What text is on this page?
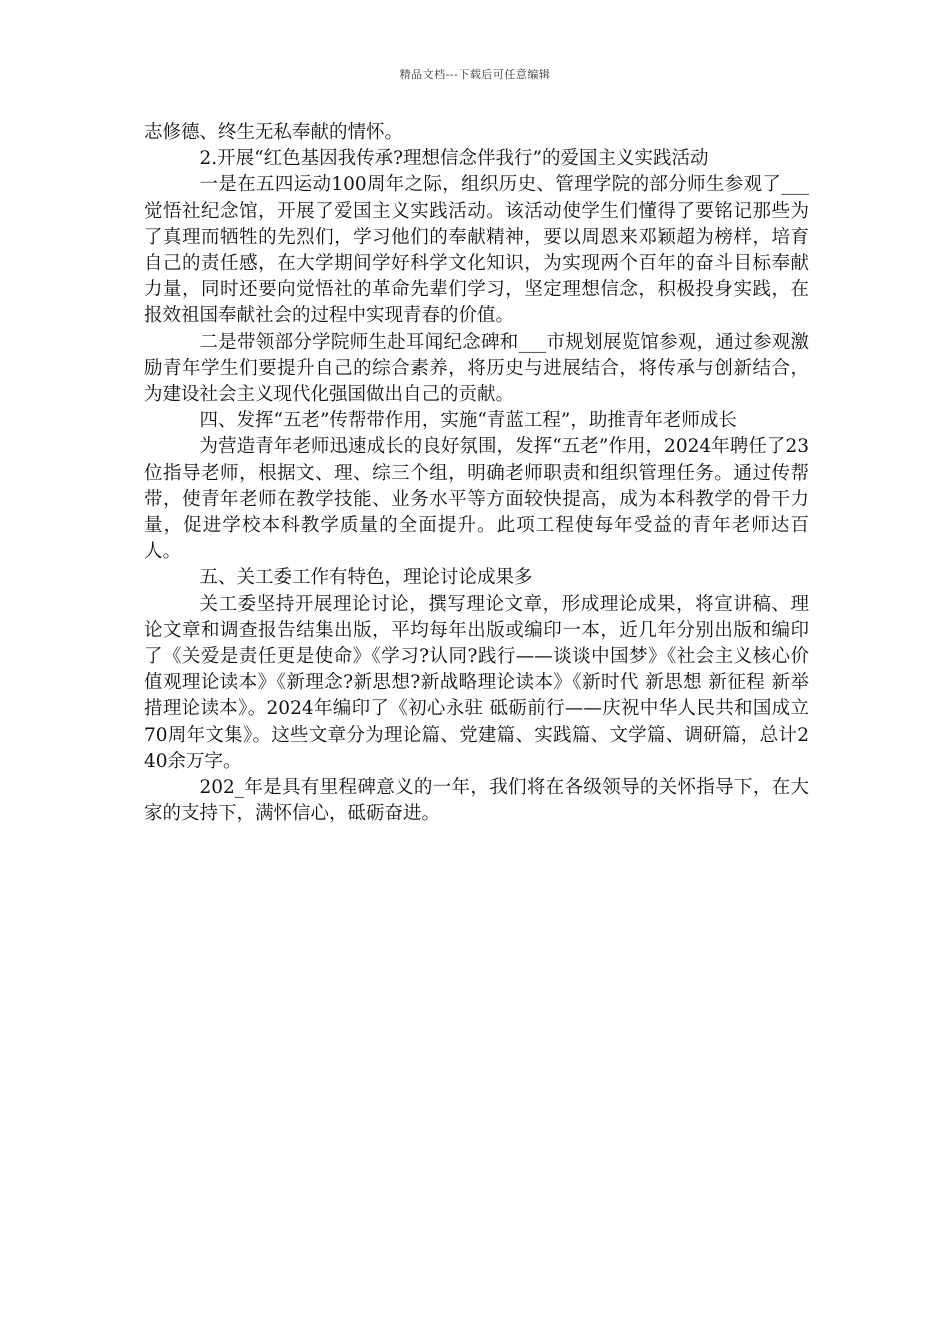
精品文档---下载后可任意编辑

志修德、终生无私奉献的情怀。

2.开展“红色基因我传承?理想信念伴我行”的爱国主义实践活动

一是在五四运动100周年之际，组织历史、管理学院的部分师生参观了___觉悟社纪念馆，开展了爱国主义实践活动。该活动使学生们懂得了要铭记那些为了真理而牺牲的先烈们，学习他们的奉献精神，要以周恩来邓颖超为榜样，培育自己的责任感，在大学期间学好科学文化知识，为实现两个百年的奋斗目标奉献力量，同时还要向觉悟社的革命先辈们学习，坚定理想信念，积极投身实践，在报效祖国奉献社会的过程中实现青春的价值。

二是带领部分学院师生赴耳闻纪念碑和___市规划展览馆参观，通过参观激励青年学生们要提升自己的综合素养，将历史与进展结合，将传承与创新结合，为建设社会主义现代化强国做出自己的贡献。

四、发挥“五老”传帮带作用，实施“青蓝工程”，助推青年老师成长

为营造青年老师迅速成长的良好氛围，发挥“五老”作用，2024年聘任了23位指导老师，根据文、理、综三个组，明确老师职责和组织管理任务。通过传帮带，使青年老师在教学技能、业务水平等方面较快提高，成为本科教学的骨干力量，促进学校本科教学质量的全面提升。此项工程使每年受益的青年老师达百人。

五、关工委工作有特色，理论讨论成果多

关工委坚持开展理论讨论，撰写理论文章，形成理论成果，将宣讲稿、理论文章和调查报告结集出版，平均每年出版或编印一本，近几年分别出版和编印了《关爱是责任更是使命》《学习?认同?践行——谈谈中国梦》《社会主义核心价值观理论读本》《新理念?新思想?新战略理论读本》《新时代 新思想 新征程 新举措理论读本》。2024年编印了《初心永驻 砥砺前行——庆祝中华人民共和国成立70周年文集》。这些文章分为理论篇、党建篇、实践篇、文学篇、调研篇，总计240余万字。

202_年是具有里程碑意义的一年，我们将在各级领导的关怀指导下，在大家的支持下，满怀信心，砥砺奋进。
